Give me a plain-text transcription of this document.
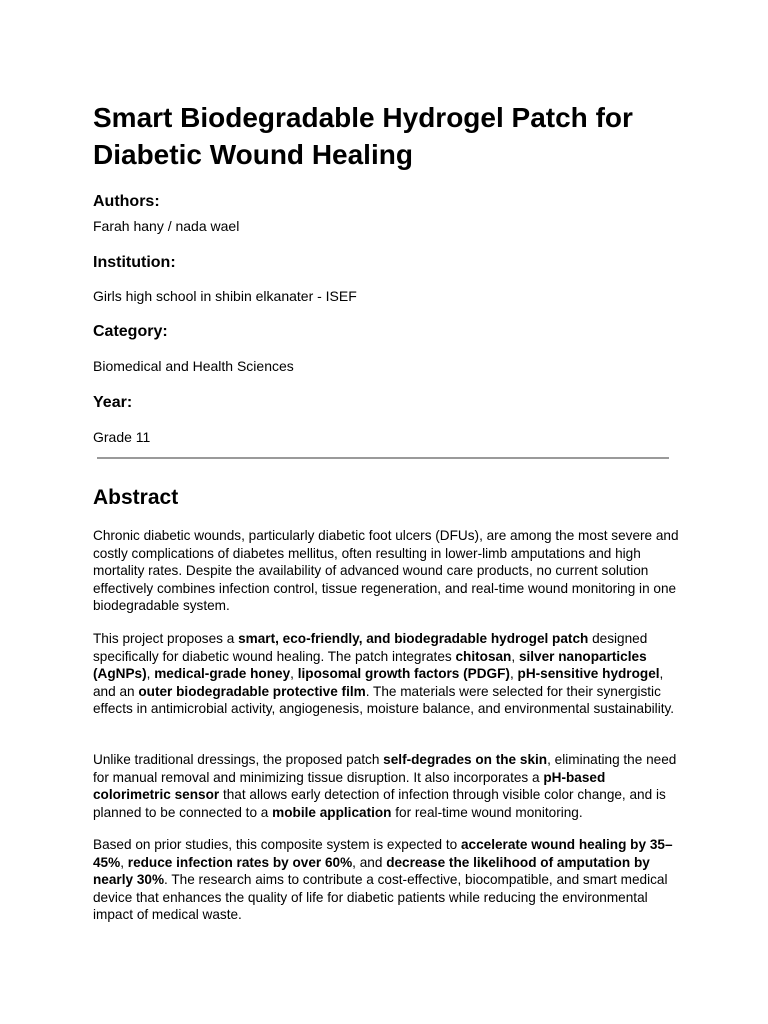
Smart Biodegradable Hydrogel Patch for Diabetic Wound Healing
Authors:

Farah hany / nada wael

Institution:

Girls high school in shibin elkanater - ISEF

Category:

Biomedical and Health Sciences

Year:

Grade 11

Abstract

Chronic diabetic wounds, particularly diabetic foot ulcers (DFUs), are among the most severe and costly complications of diabetes mellitus, often resulting in lower-limb amputations and high mortality rates. Despite the availability of advanced wound care products, no current solution effectively combines infection control, tissue regeneration, and real-time wound monitoring in one biodegradable system.

This project proposes a smart, eco-friendly, and biodegradable hydrogel patch designed specifically for diabetic wound healing. The patch integrates chitosan, silver nanoparticles (AgNPs), medical-grade honey, liposomal growth factors (PDGF), pH-sensitive hydrogel, and an outer biodegradable protective film. The materials were selected for their synergistic effects in antimicrobial activity, angiogenesis, moisture balance, and environmental sustainability.

Unlike traditional dressings, the proposed patch self-degrades on the skin, eliminating the need for manual removal and minimizing tissue disruption. It also incorporates a pH-based colorimetric sensor that allows early detection of infection through visible color change, and is planned to be connected to a mobile application for real-time wound monitoring.

Based on prior studies, this composite system is expected to accelerate wound healing by 35–45%, reduce infection rates by over 60%, and decrease the likelihood of amputation by nearly 30%. The research aims to contribute a cost-effective, biocompatible, and smart medical device that enhances the quality of life for diabetic patients while reducing the environmental impact of medical waste.
